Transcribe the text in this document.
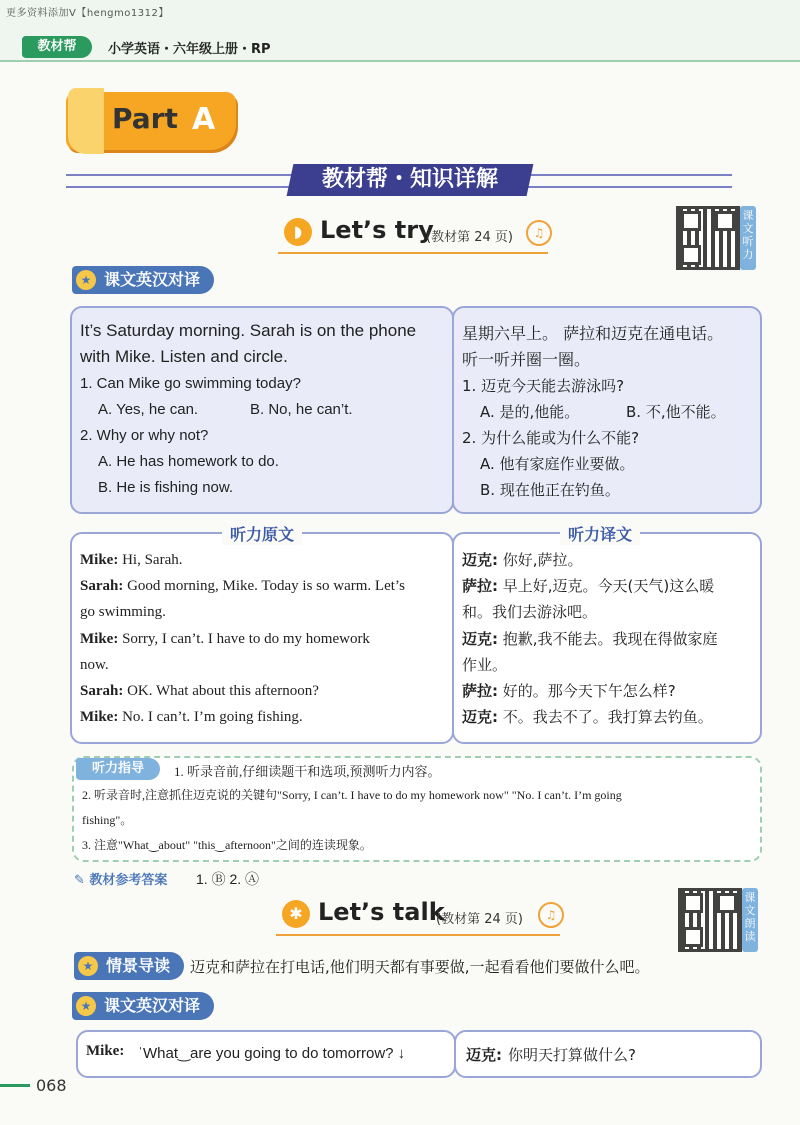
更多资料添加V【hengmo1312】
教材帮	小学英语・六年级上册・RP
Part A
教材帮・知识详解
◗ Let’s try
(教材第 24 页)	♫
课文听力
课文英汉对译
★
It’s Saturday morning. Sarah is on the phone
with Mike. Listen and circle.
1. Can Mike go swimming today?
A. Yes, he can.	B. No, he can’t.
2. Why or why not?
A. He has homework to do.
B. He is fishing now.
星期六早上。 萨拉和迈克在通电话。
听一听并圈一圈。
1. 迈克今天能去游泳吗?
A. 是的,他能。	B. 不,他不能。
2. 为什么能或为什么不能?
A. 他有家庭作业要做。
B. 现在他正在钓鱼。
听力原文	听力译文
Mike: Hi, Sarah.
Sarah: Good morning, Mike. Today is so warm. Let’s
go swimming.
Mike: Sorry, I can’t. I have to do my homework
now.
Sarah: OK. What about this afternoon?
Mike: No. I can’t. I’m going fishing.
迈克: 你好,萨拉。
萨拉: 早上好,迈克。今天(天气)这么暖
和。我们去游泳吧。
迈克: 抱歉,我不能去。我现在得做家庭
作业。
萨拉: 好的。那今天下午怎么样?
迈克: 不。我去不了。我打算去钓鱼。
听力指导	1. 听录音前,仔细读题干和选项,预测听力内容。
2. 听录音时,注意抓住迈克说的关键句"Sorry, I can’t. I have to do my homework now" "No. I can’t. I’m going
fishing"。
3. 注意"What‿about" "this‿afternoon"之间的连读现象。
✎ 教材参考答案 1. Ⓑ 2. Ⓐ
✱ Let’s talk
(教材第 24 页)	♫
课文朗读
情景导读
★	迈克和萨拉在打电话,他们明天都有事要做,一起看看他们要做什么吧。
课文英汉对译
★
Mike: ˈWhat‿are you going to do tomorrow? ↓	迈克: 你明天打算做什么?
068
